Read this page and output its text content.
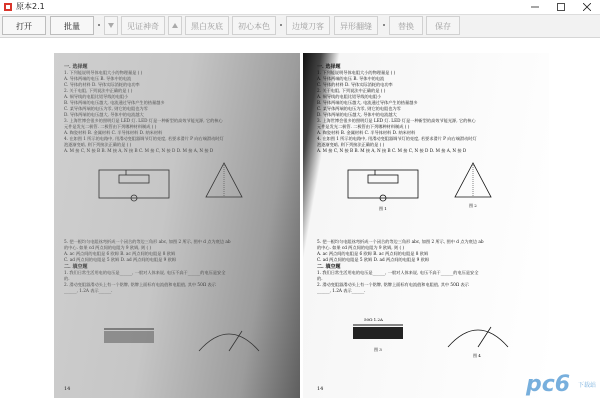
原本2.1
打开	批量	见证神奇	黑白灰底	初心本色	边境刀客	异形翻缝	替换	保存
一. 选择题
1. 下列能说明导体电阻大小的物理量是 ( )
A. 导体两端的电压 B. 导体中的电流
C. 导体的材料 D. 导体实际消耗的电功率
2. 关于电阻, 下列说法中正确的是 ( )
A. 铜导线的电阻比铝导线的电阻小
B. 导体两端的电压越大, 电流通过导体产生的热量越多
C. 某导体两端的电压为零, 则它的电阻也为零
D. 导体两端的电压越大, 导体中的电流越大
3. 上海世博会很多的照明灯是 LED 灯. LED 灯是一种新型的高效节能光源, 它的核心
元件是发光二极管. 二极管由下列哪种材料制成 ( )
A. 陶瓷材料 B. 金属材料 C. 半导体材料 D. 纳米材料
4. 在如图 1 所示的电路中, 用滑动变阻器调节灯的亮度, 若要求滑片 P 向右端滑动时灯
泡逐渐变暗, 则下列接法正确的是 ( )
A. M 接 C, N 接 B B. M 接 A, N 接 B C. M 接 C, N 接 D D. M 接 A, N 接 D
5. 把一根均匀电阻丝弯折成一个闭合的等边三角形 abc, 如图 2 所示, 图中 d 点为底边 ab
的中心. 如果 cd 两点间的电阻为 9 欧姆, 则 ( )
A. ac 两点间的电阻是 6 欧姆 B. ac 两点间的电阻是 8 欧姆
C. ad 两点间的电阻是 5 欧姆 D. ad 两点间的电阻是 9 欧姆
二. 填空题
1. 我们日常生活用电的电压是______, 一般对人体来说, 电压不高于______的电压是安全
的.
2. 滑动变阻器滑动头上有一个铭牌, 铭牌上面标有电流值和电阻值, 其中 50Ω 表示
______, 1.2A 表示______.
14
一. 选择题
1. 下列能说明导体电阻大小的物理量是 ( )
A. 导体两端的电压 B. 导体中的电流
C. 导体的材料 D. 导体实际消耗的电功率
2. 关于电阻, 下列说法中正确的是 ( )
A. 铜导线的电阻比铝导线的电阻小
B. 导体两端的电压越大, 电流通过导体产生的热量越多
C. 某导体两端的电压为零, 则它的电阻也为零
D. 导体两端的电压越大, 导体中的电流越大
3. 上海世博会很多的照明灯是 LED 灯. LED 灯是一种新型的高效节能光源, 它的核心
元件是发光二极管. 二极管由下列哪种材料制成 ( )
A. 陶瓷材料 B. 金属材料 C. 半导体材料 D. 纳米材料
4. 在如图 1 所示的电路中, 用滑动变阻器调节灯的亮度, 若要求滑片 P 向右端滑动时灯
泡逐渐变暗, 则下列接法正确的是 ( )
A. M 接 C, N 接 B B. M 接 A, N 接 B C. M 接 C, N 接 D D. M 接 A, N 接 D
图 1
图 2
5. 把一根均匀电阻丝弯折成一个闭合的等边三角形 abc, 如图 2 所示, 图中 d 点为底边 ab
的中心. 如果 cd 两点间的电阻为 9 欧姆, 则 ( )
A. ac 两点间的电阻是 6 欧姆 B. ac 两点间的电阻是 8 欧姆
C. ad 两点间的电阻是 5 欧姆 D. ad 两点间的电阻是 9 欧姆
二. 填空题
1. 我们日常生活用电的电压是______, 一般对人体来说, 电压不高于______的电压是安全
的.
2. 滑动变阻器滑动头上有一个铭牌, 铭牌上面标有电流值和电阻值, 其中 50Ω 表示
______, 1.2A 表示______.
50Ω 1.2A
图 3
图 4
14	pc6 下载站
